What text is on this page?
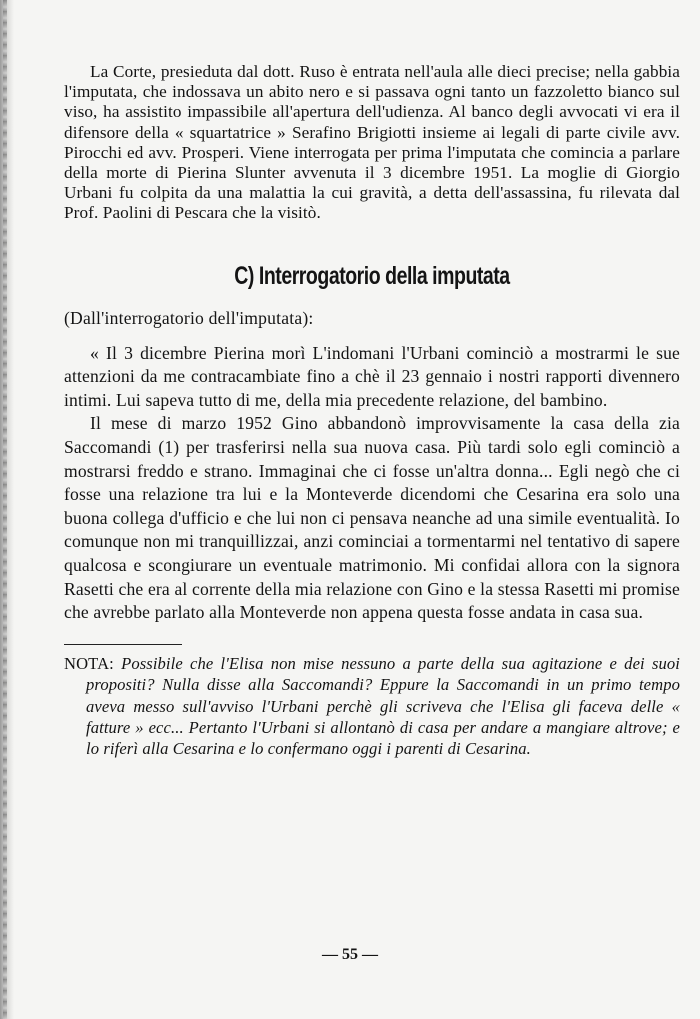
La Corte, presieduta dal dott. Ruso è entrata nell'aula alle dieci precise; nella gabbia l'imputata, che indossava un abito nero e si passava ogni tanto un fazzoletto bianco sul viso, ha assistito impassibile all'apertura dell'udienza. Al banco degli avvocati vi era il difensore della « squartatrice » Serafino Brigiotti insieme ai legali di parte civile avv. Pirocchi ed avv. Prosperi. Viene interrogata per prima l'imputata che comincia a parlare della morte di Pierina Slunter avvenuta il 3 dicembre 1951. La moglie di Giorgio Urbani fu colpita da una malattia la cui gravità, a detta dell'assassina, fu rilevata dal Prof. Paolini di Pescara che la visitò.

C) Interrogatorio della imputata

(Dall'interrogatorio dell'imputata):

« Il 3 dicembre Pierina morì L'indomani l'Urbani cominciò a mostrarmi le sue attenzioni da me contracambiate fino a chè il 23 gennaio i nostri rapporti divennero intimi. Lui sapeva tutto di me, della mia precedente relazione, del bambino.

Il mese di marzo 1952 Gino abbandonò improvvisamente la casa della zia Saccomandi (1) per trasferirsi nella sua nuova casa. Più tardi solo egli cominciò a mostrarsi freddo e strano. Immaginai che ci fosse un'altra donna... Egli negò che ci fosse una relazione tra lui e la Monteverde dicendomi che Cesarina era solo una buona collega d'ufficio e che lui non ci pensava neanche ad una simile eventualità. Io comunque non mi tranquillizzai, anzi cominciai a tormentarmi nel tentativo di sapere qualcosa e scongiurare un eventuale matrimonio. Mi confidai allora con la signora Rasetti che era al corrente della mia relazione con Gino e la stessa Rasetti mi promise che avrebbe parlato alla Monteverde non appena questa fosse andata in casa sua.

NOTA: Possibile che l'Elisa non mise nessuno a parte della sua agitazione e dei suoi propositi? Nulla disse alla Saccomandi? Eppure la Saccomandi in un primo tempo aveva messo sull'avviso l'Urbani perchè gli scriveva che l'Elisa gli faceva delle « fatture » ecc... Pertanto l'Urbani si allontanò di casa per andare a mangiare altrove; e lo riferì alla Cesarina e lo confermano oggi i parenti di Cesarina.

— 55 —
